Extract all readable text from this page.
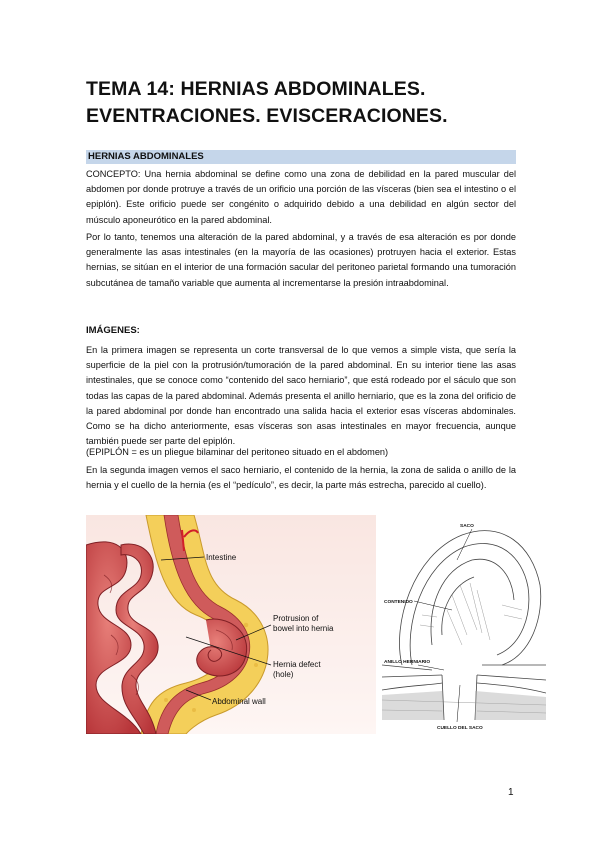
TEMA 14: HERNIAS ABDOMINALES.
EVENTRACIONES. EVISCERACIONES.
HERNIAS ABDOMINALES

CONCEPTO: Una hernia abdominal se define como una zona de debilidad en la pared muscular del abdomen por donde protruye a través de un orificio una porción de las vísceras (bien sea el intestino o el epiplón). Este orificio puede ser congénito o adquirido debido a una debilidad en algún sector del músculo aponeurótico en la pared abdominal.

Por lo tanto, tenemos una alteración de la pared abdominal, y a través de esa alteración es por donde generalmente las asas intestinales (en la mayoría de las ocasiones) protruyen hacia el exterior. Estas hernias, se sitúan en el interior de una formación sacular del peritoneo parietal formando una tumoración subcutánea de tamaño variable que aumenta al incrementarse la presión intraabdominal.

IMÁGENES:

En la primera imagen se representa un corte transversal de lo que vemos a simple vista, que sería la superficie de la piel con la protrusión/tumoración de la pared abdominal. En su interior tiene las asas intestinales, que se conoce como “contenido del saco herniario”, que está rodeado por el sáculo que son todas las capas de la pared abdominal. Además presenta el anillo herniario, que es la zona del orificio de la pared abdominal por donde han encontrado una salida hacia el exterior esas vísceras abdominales. Como se ha dicho anteriormente, esas vísceras son asas intestinales en mayor frecuencia, aunque también puede ser parte del epiplón.

(EPIPLÓN = es un pliegue bilaminar del peritoneo situado en el abdomen)

En la segunda imagen vemos el saco herniario, el contenido de la hernia, la zona de salida o anillo de la hernia y el cuello de la hernia (es el “pedículo”, es decir, la parte más estrecha, parecido al cuello).

Intestine
Protrusion of
bowel into hernia
Hernia defect
(hole)
Abdominal wall
SACO
CONTENIDO
ANILLO HERNIARIO
CUELLO DEL SACO
1
